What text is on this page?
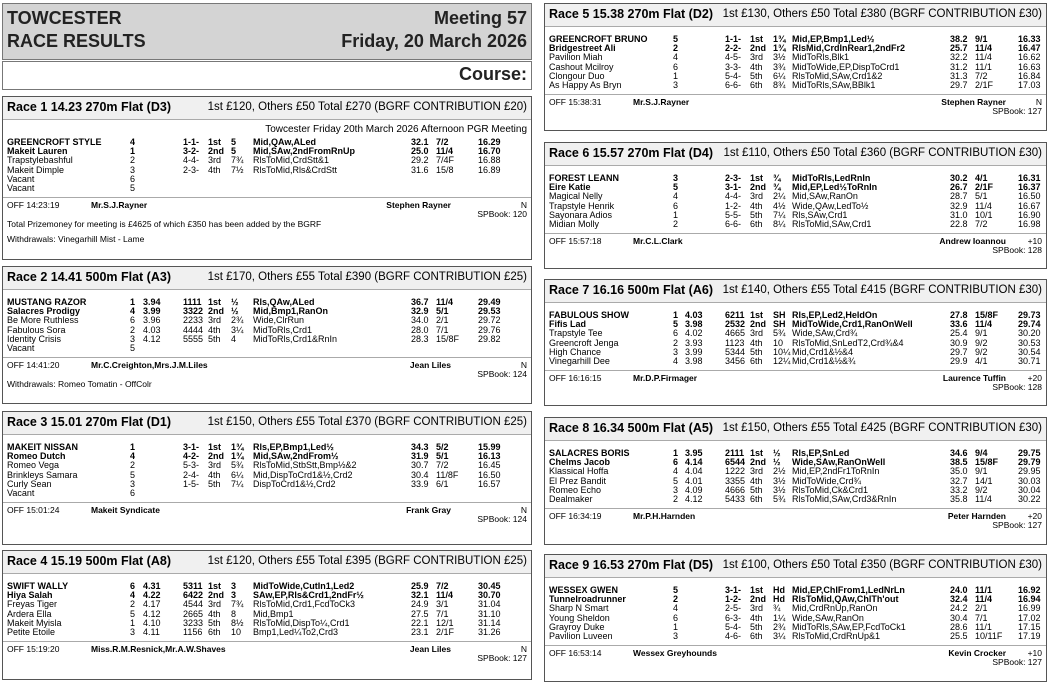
TOWCESTER
RACE RESULTS
Meeting 57
Friday, 20 March 2026
Course:
Race 1 14.23 270m Flat (D3)	1st £120, Others £50 Total £270 (BGRF CONTRIBUTION £20)
Towcester Friday 20th March 2026 Afternoon PGR Meeting
GREENCROFT STYLE	4	1-1- 1st 5 Mid,QAw,ALed	32.1 7/2	16.29
Makeit Lauren	1	3-2- 2nd 5 Mid,SAw,2ndFromRnUp	25.0 11/4	16.70
Trapstylebashful	2	4-4- 3rd 7¾ RlsToMid,CrdStt&1	29.2 7/4F	16.88
Makeit Dimple	3	2-3- 4th 7½ RlsToMid,Rls&CrdStt	31.6 15/8	16.89
Vacant	6
Vacant	5
OFF 14:23:19	Mr.S.J.Rayner	Stephen Rayner	N
SPBook: 120
Total Prizemoney for meeting is £4625 of which £350 has been added by the BGRF
Withdrawals: Vinegarhill Mist - Lame
Race 2 14.41 500m Flat (A3)	1st £170, Others £55 Total £390 (BGRF CONTRIBUTION £25)
MUSTANG RAZOR	1 3.94 1111 1st ½ Rls,QAw,ALed	36.7 11/4	29.49
Salacres Prodigy	4 3.99 3322 2nd ½ Mid,Bmp1,RanOn	32.9 5/1	29.53
Be More Ruthless	6 3.96 2233 3rd 2¾ Wide,ClrRun	34.0 2/1	29.72
Fabulous Sora	2 4.03 4444 4th 3¼ MidToRls,Crd1	28.0 7/1	29.76
Identity Crisis	3 4.12 5555 5th 4 MidToRls,Crd1&RnIn	28.3 15/8F 29.82
Vacant	5
OFF 14:41:20	Mr.C.Creighton,Mrs.J.M.Liles	Jean Liles	N
SPBook: 124
Withdrawals: Romeo Tomatin - OffColr
Race 3 15.01 270m Flat (D1)	1st £150, Others £55 Total £370 (BGRF CONTRIBUTION £25)
MAKEIT NISSAN	1	3-1- 1st 1¾ Rls,EP,Bmp1,Led½	34.3 5/2	15.99
Romeo Dutch	4	4-2- 2nd 1¾ Mid,SAw,2ndFrom½	31.9 5/1	16.13
Romeo Vega	2	5-3- 3rd 5¾ RlsToMid,StbStt,Bmp½&2	30.7 7/2	16.45
Brinkleys Samara	5	2-4- 4th 6¼ Mid,DispToCrd1&½,Crd2	30.4 11/8F 16.50
Curly Sean	3	1-5- 5th 7¼ DispToCrd1&½,Crd2	33.9 6/1	16.57
Vacant	6
OFF 15:01:24	Makeit Syndicate	Frank Gray	N
SPBook: 124
Race 4 15.19 500m Flat (A8)	1st £120, Others £55 Total £395 (BGRF CONTRIBUTION £25)
SWIFT WALLY	6 4.31 5311 1st 3 MidToWide,CutIn1,Led2	25.9 7/2	30.45
Hiya Salah	4 4.22 6422 2nd 3 SAw,EP,Rls&Crd1,2ndFr½	32.1 11/4	30.70
Freyas Tiger	2 4.17 4544 3rd 7¾ RlsToMid,Crd1,FcdToCk3	24.9 3/1	31.04
Ardera Ella	5 4.12 2665 4th 8 Mid,Bmp1	27.5 7/1	31.10
Makeit Myisla	1 4.10 3233 5th 8½ RlsToMid,DispTo¼,Crd1	22.1 12/1	31.14
Petite Etoile	3 4.11	1156 6th 10 Bmp1,Led¼To2,Crd3	23.1 2/1F	31.26
OFF 15:19:20	Miss.R.M.Resnick,Mr.A.W.Shaves	Jean Liles	N
SPBook: 127
Race 5 15.38 270m Flat (D2) 1st £130, Others £50 Total £380 (BGRF CONTRIBUTION £30)
GREENCROFT BRUNO	5	1-1- 1st 1¾ Mid,EP,Bmp1,Led½	38.2 9/1	16.33
Bridgestreet Ali	2	2-2- 2nd 1¾ RlsMid,CrdInRear1,2ndFr2	25.7 11/4	16.47
Pavilion Miah	4	4-5- 3rd 3½ MidToRls,Blk1	32.2 11/4	16.62
Cashout Mcilroy	6	3-3- 4th 3¾ MidToWide,EP,DispToCrd1	31.2 11/1	16.63
Clongour Duo	1	5-4- 5th 6¼ RlsToMid,SAw,Crd1&2	31.3 7/2	16.84
As Happy As Bryn	3	6-6- 6th 8¾ MidToRls,SAw,BBlk1	29.7 2/1F	17.03
OFF 15:38:31	Mr.S.J.Rayner	Stephen Rayner	N
SPBook: 127
Race 6 15.57 270m Flat (D4) 1st £110, Others £50 Total £360 (BGRF CONTRIBUTION £30)
FOREST LEANN	3	2-3- 1st ¾ MidToRls,LedRnIn	30.2 4/1	16.31
Eire Katie	5	3-1- 2nd ¾ Mid,EP,Led½ToRnIn	26.7 2/1F	16.37
Magical Nelly	4	4-4- 3rd 2¼ Mid,SAw,RanOn	28.7 5/1	16.50
Trapstyle Henrik	6	1-2- 4th 4½ Wide,QAw,LedTo½	32.9 11/4	16.67
Sayonara Adios	1	5-5- 5th 7¼ Rls,SAw,Crd1	31.0 10/1	16.90
Midian Molly	2	6-6- 6th 8¼ RlsToMid,SAw,Crd1	22.8 7/2	16.98
OFF 15:57:18	Mr.C.L.Clark	Andrew Ioannou	+10
SPBook: 128
Race 7 16.16 500m Flat (A6) 1st £140, Others £55 Total £415 (BGRF CONTRIBUTION £30)
FABULOUS SHOW	1 4.03 6211 1st SH Rls,EP,Led2,HeldOn	27.8 15/8F 29.73
Fifis Lad	5 3.98 2532 2nd SH MidToWide,Crd1,RanOnWell	33.6 11/4	29.74
Trapstyle Tee	6 4.02 4665 3rd 5¾ Wide,SAw,Crd¾	25.4 9/1	30.20
Greencroft Jenga	2 3.93 1123 4th 10 RlsToMid,SnLedT2,Crd¾&4	30.9 9/2	30.53
High Chance	3 3.99 5344 5th 10¼ Mid,Crd1&½&4	29.7 9/2	30.54
Vinegarhill Dee	4 3.98 3456 6th 12¼ Mid,Crd1&½&¾	29.9 4/1	30.71
OFF 16:16:15	Mr.D.P.Firmager	Laurence Tuffin	+20
SPBook: 128
Race 8 16.34 500m Flat (A5) 1st £150, Others £55 Total £425 (BGRF CONTRIBUTION £30)
SALACRES BORIS	1 3.95 2111 1st ½ Rls,EP,SnLed	34.6 9/4	29.75
Chelms Jacob	6 4.14 6544 2nd ½ Wide,SAw,RanOnWell	38.5 15/8F 29.79
Klassical Hoffa	4 4.04 1222 3rd 2½ Mid,EP,2ndFr1ToRnIn	35.0 9/1	29.95
El Prez Bandit	5 4.01 3355 4th 3½ MidToWide,Crd¾	32.7 14/1	30.03
Romeo Echo	3 4.09 4666 5th 3½ RlsToMid,Ck&Crd1	33.2 9/2	30.04
Dealmaker	2 4.12 5433 6th 5¾ RlsToMid,SAw,Crd3&RnIn	35.8 11/4	30.22
OFF 16:34:19	Mr.P.H.Harnden	Peter Harnden	+20
SPBook: 127
Race 9 16.53 270m Flat (D5) 1st £100, Others £50 Total £350 (BGRF CONTRIBUTION £30)
WESSEX GWEN	5	3-1- 1st Hd Mid,EP,ChlFrom1,LedNrLn	24.0 11/1	16.92
Tunnelroadrunner	2	1-2- 2nd Hd RlsToMid,QAw,ChlTh'out	32.4 11/4	16.94
Sharp N Smart	4	2-5- 3rd ¾ Mid,CrdRnUp,RanOn	24.2 2/1	16.99
Young Sheldon	6	6-3- 4th 1¼ Wide,SAw,RanOn	30.4 7/1	17.02
Grayroy Duke	1	5-4- 5th 2¾ MidToRls,SAw,EP,FcdToCk1	28.6 11/1	17.15
Pavilion Luveen	3	4-6- 6th 3¼ RlsToMid,CrdRnUp&1	25.5 10/11F 17.19
OFF 16:53:14	Wessex Greyhounds	Kevin Crocker	+10
SPBook: 127
